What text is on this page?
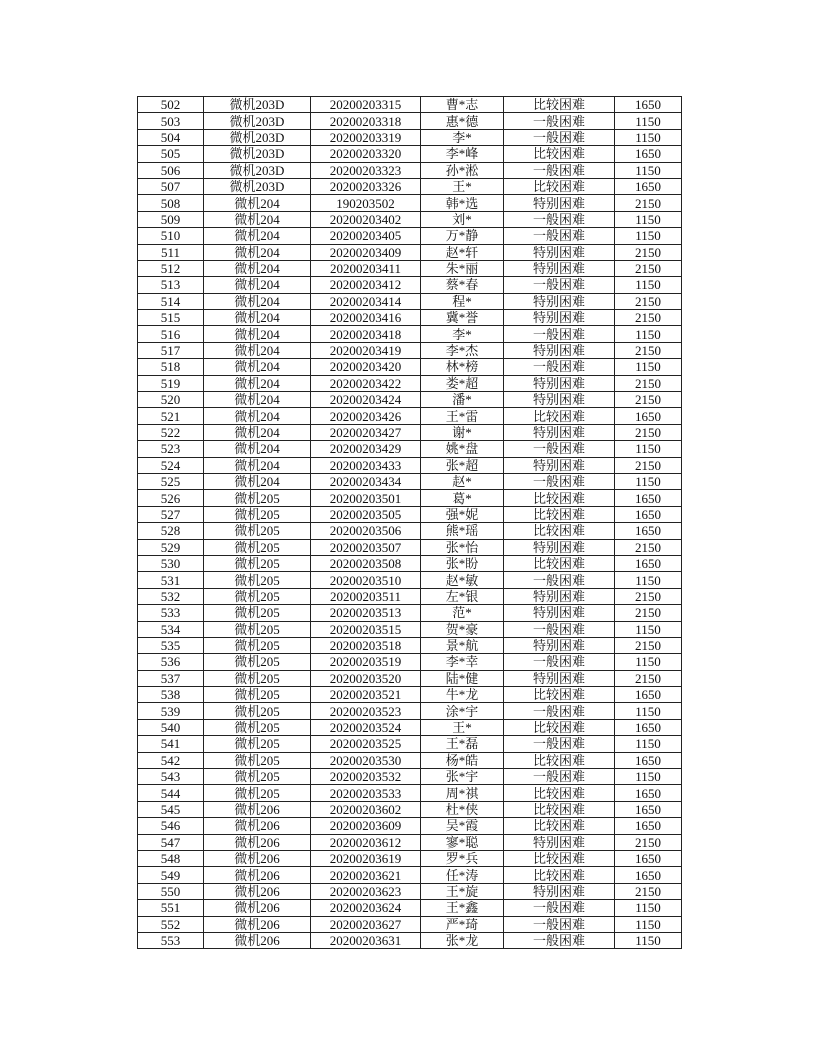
502	微机203D	20200203315	曹*志	比较困难	1650
503	微机203D	20200203318	惠*德	一般困难	1150
504	微机203D	20200203319	李*	一般困难	1150
505	微机203D	20200203320	李*峰	比较困难	1650
506	微机203D	20200203323	孙*淞	一般困难	1150
507	微机203D	20200203326	王*	比较困难	1650
508	微机204	190203502	韩*选	特别困难	2150
509	微机204	20200203402	刘*	一般困难	1150
510	微机204	20200203405	万*静	一般困难	1150
511	微机204	20200203409	赵*轩	特别困难	2150
512	微机204	20200203411	朱*丽	特别困难	2150
513	微机204	20200203412	蔡*春	一般困难	1150
514	微机204	20200203414	程*	特别困难	2150
515	微机204	20200203416	冀*誉	特别困难	2150
516	微机204	20200203418	李*	一般困难	1150
517	微机204	20200203419	李*杰	特别困难	2150
518	微机204	20200203420	林*榜	一般困难	1150
519	微机204	20200203422	娄*超	特别困难	2150
520	微机204	20200203424	潘*	特别困难	2150
521	微机204	20200203426	王*雷	比较困难	1650
522	微机204	20200203427	谢*	特别困难	2150
523	微机204	20200203429	姚*盘	一般困难	1150
524	微机204	20200203433	张*超	特别困难	2150
525	微机204	20200203434	赵*	一般困难	1150
526	微机205	20200203501	葛*	比较困难	1650
527	微机205	20200203505	强*妮	比较困难	1650
528	微机205	20200203506	熊*瑶	比较困难	1650
529	微机205	20200203507	张*怡	特别困难	2150
530	微机205	20200203508	张*盼	比较困难	1650
531	微机205	20200203510	赵*敏	一般困难	1150
532	微机205	20200203511	左*银	特别困难	2150
533	微机205	20200203513	范*	特别困难	2150
534	微机205	20200203515	贺*豪	一般困难	1150
535	微机205	20200203518	景*航	特别困难	2150
536	微机205	20200203519	李*幸	一般困难	1150
537	微机205	20200203520	陆*健	特别困难	2150
538	微机205	20200203521	牛*龙	比较困难	1650
539	微机205	20200203523	涂*宇	一般困难	1150
540	微机205	20200203524	王*	比较困难	1650
541	微机205	20200203525	王*磊	一般困难	1150
542	微机205	20200203530	杨*皓	比较困难	1650
543	微机205	20200203532	张*宇	一般困难	1150
544	微机205	20200203533	周*祺	比较困难	1650
545	微机206	20200203602	杜*侠	比较困难	1650
546	微机206	20200203609	吴*霞	比较困难	1650
547	微机206	20200203612	寥*聪	特别困难	2150
548	微机206	20200203619	罗*兵	比较困难	1650
549	微机206	20200203621	任*涛	比较困难	1650
550	微机206	20200203623	王*旋	特别困难	2150
551	微机206	20200203624	王*鑫	一般困难	1150
552	微机206	20200203627	严*琦	一般困难	1150
553	微机206	20200203631	张*龙	一般困难	1150
